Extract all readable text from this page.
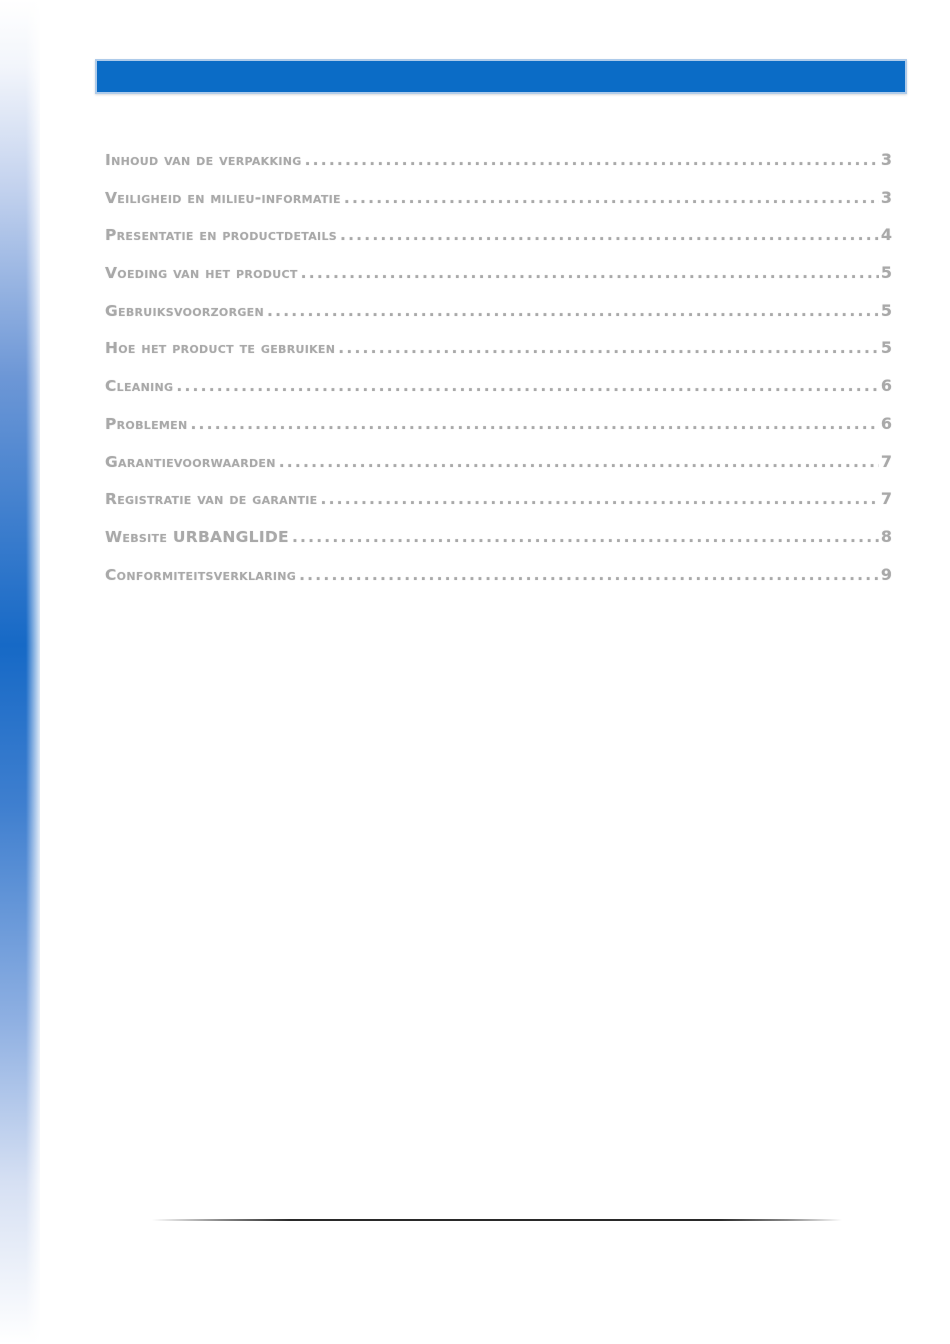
Inhoud van de verpakking .....	3
Veiligheid en milieu-informatie .....	3
Presentatie en productdetails .....	4
Voeding van het product .....	5
Gebruiksvoorzorgen .....	5
Hoe het product te gebruiken .....	5
Cleaning .....	6
Problemen .....	6
Garantievoorwaarden .....	7
Registratie van de garantie .....	7
Website URBANGLIDE .....	8
Conformiteitsverklaring .....	9
